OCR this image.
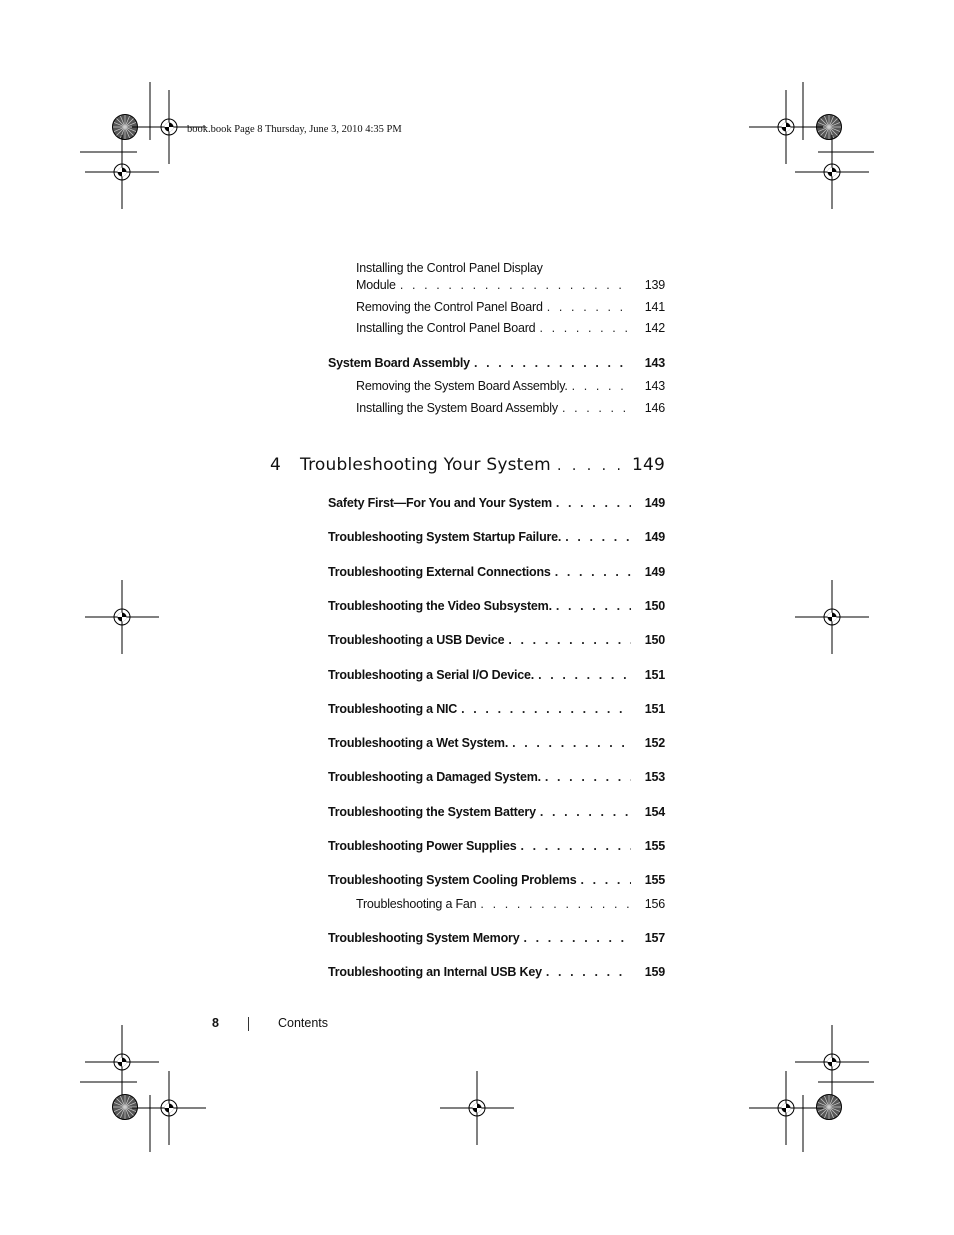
book.book Page 8 Thursday, June 3, 2010 4:35 PM
Installing the Control Panel Display
Module . . .	139
Removing the Control Panel Board . . .	141
Installing the Control Panel Board . . .	142
System Board Assembly . . .	143
Removing the System Board Assembly. . . .	143
Installing the System Board Assembly . . .	146
4	Troubleshooting Your System . . .	149
Safety First—For You and Your System . . .	149
Troubleshooting System Startup Failure. . . .	149
Troubleshooting External Connections . . .	149
Troubleshooting the Video Subsystem. . . .	150
Troubleshooting a USB Device . . .	150
Troubleshooting a Serial I/O Device. . . .	151
Troubleshooting a NIC . . .	151
Troubleshooting a Wet System. . . .	152
Troubleshooting a Damaged System. . . .	153
Troubleshooting the System Battery . . .	154
Troubleshooting Power Supplies . . .	155
Troubleshooting System Cooling Problems . . .	155
Troubleshooting a Fan . . .	156
Troubleshooting System Memory . . .	157
Troubleshooting an Internal USB Key . . .	159
8	Contents
